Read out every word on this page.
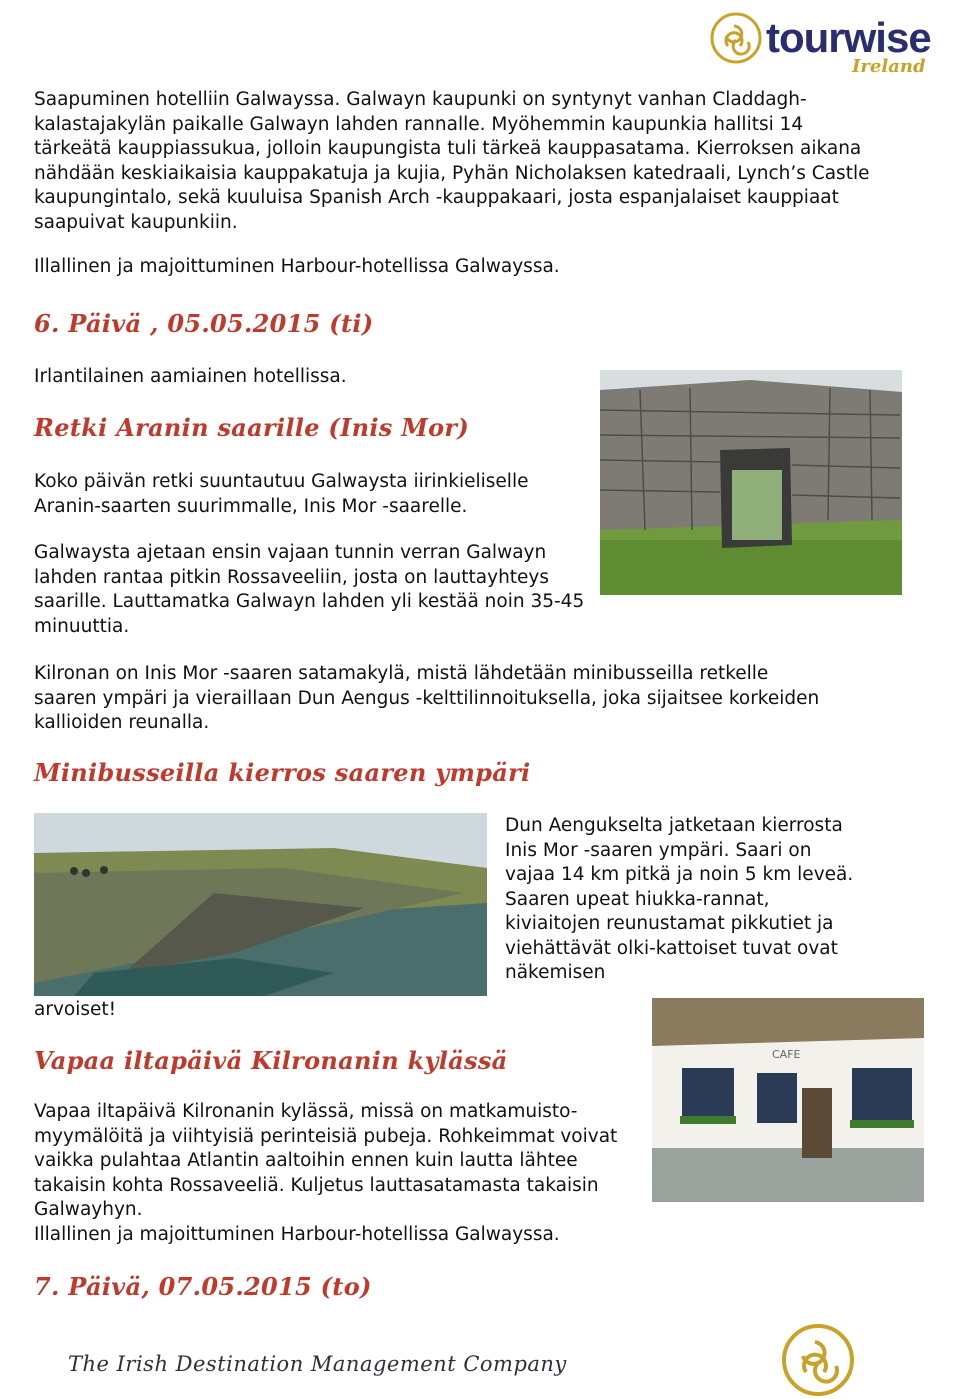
tourwise
Ireland

Saapuminen hotelliin Galwayssa. Galwayn kaupunki on syntynyt vanhan Claddagh-kalastajakylän paikalle Galwayn lahden rannalle. Myöhemmin kaupunkia hallitsi 14 tärkeätä kauppiassukua, jolloin kaupungista tuli tärkeä kauppasatama. Kierroksen aikana nähdään keskiaikaisia kauppakatuja ja kujia, Pyhän Nicholaksen katedraali, Lynch’s Castle kaupungintalo, sekä kuuluisa Spanish Arch -kauppakaari, josta espanjalaiset kauppiaat saapuivat kaupunkiin.

Illallinen ja majoittuminen Harbour-hotellissa Galwayssa.

6. Päivä , 05.05.2015 (ti)

Irlantilainen aamiainen hotellissa.

Retki Aranin saarille (Inis Mor)

Koko päivän retki suuntautuu Galwaysta iirinkieliselle Aranin-saarten suurimmalle, Inis Mor -saarelle.

Galwaysta ajetaan ensin vajaan tunnin verran Galwayn lahden rantaa pitkin Rossaveeliin, josta on lauttayhteys saarille. Lauttamatka Galwayn lahden yli kestää noin 35-45 minuuttia.

Kilronan on Inis Mor -saaren satamakylä, mistä lähdetään minibusseilla retkelle saaren ympäri ja vieraillaan Dun Aengus -kelttilinnoituksella, joka sijaitsee korkeiden kallioiden reunalla.

Minibusseilla kierros saaren ympäri

Dun Aengukselta jatketaan kierrosta Inis Mor -saaren ympäri. Saari on vajaa 14 km pitkä ja noin 5 km leveä. Saaren upeat hiukka-rannat, kiviaitojen reunustamat pikkutiet ja viehättävät olki-kattoiset tuvat ovat näkemisen

arvoiset!

CAFE
Vapaa iltapäivä Kilronanin kylässä

Vapaa iltapäivä Kilronanin kylässä, missä on matkamuisto-myymälöitä ja viihtyisiä perinteisiä pubeja. Rohkeimmat voivat vaikka pulahtaa Atlantin aaltoihin ennen kuin lautta lähtee takaisin kohta Rossaveeliä. Kuljetus lauttasatamasta takaisin Galwayhyn.

Illallinen ja majoittuminen Harbour-hotellissa Galwayssa.

7. Päivä, 07.05.2015 (to)
The Irish Destination Management Company
